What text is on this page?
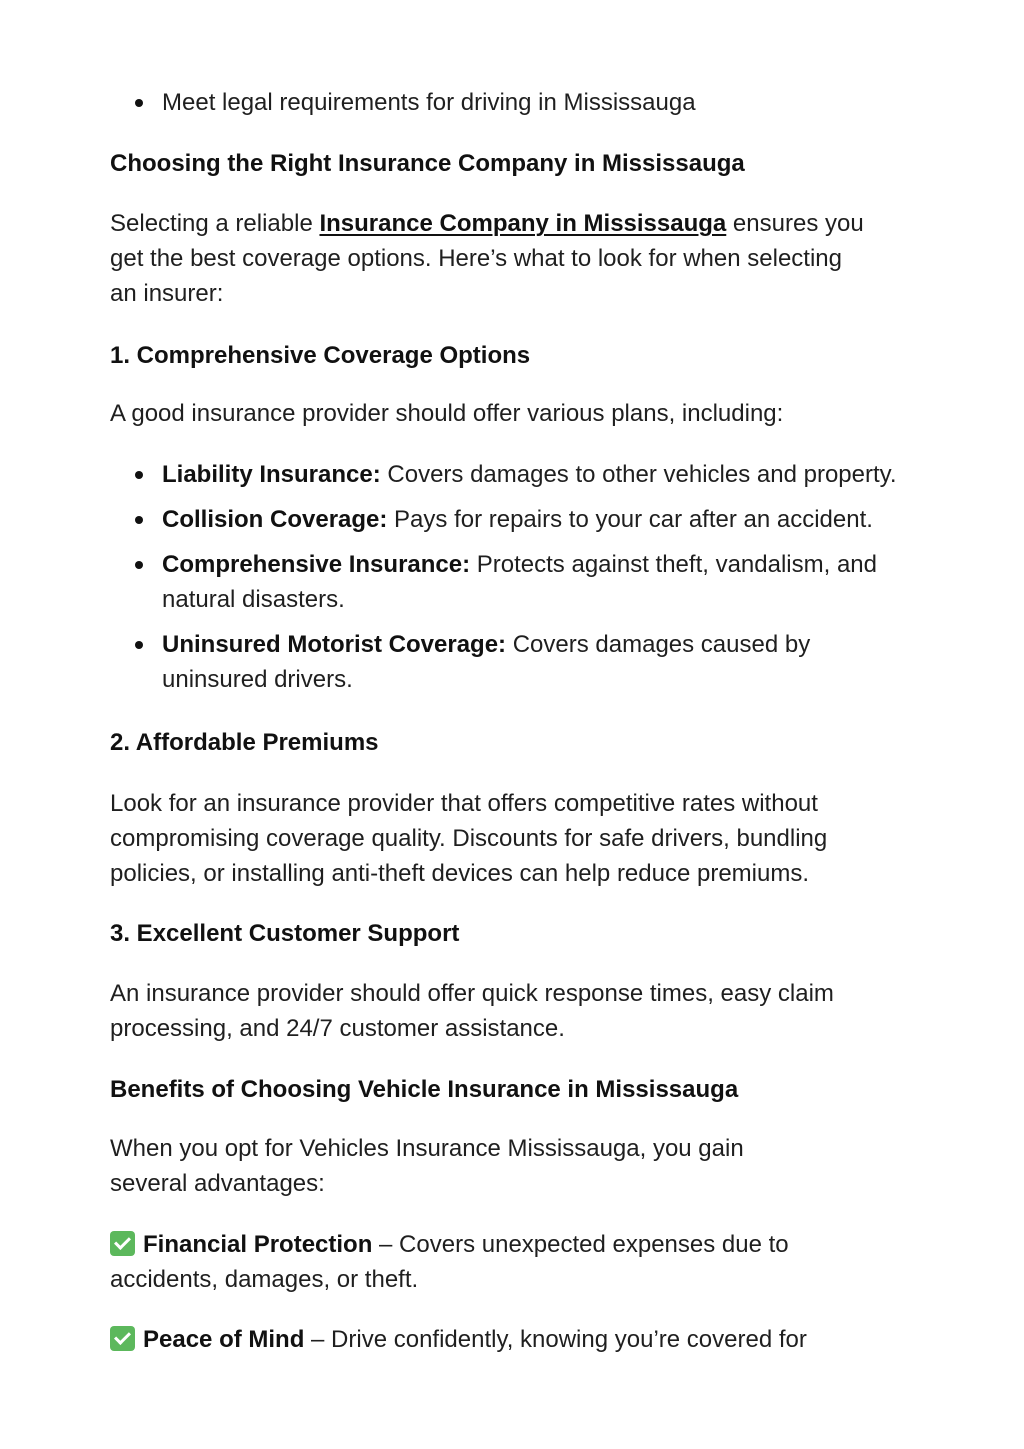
Meet legal requirements for driving in Mississauga
Choosing the Right Insurance Company in Mississauga
Selecting a reliable Insurance Company in Mississauga ensures you
get the best coverage options. Here’s what to look for when selecting
an insurer:
1. Comprehensive Coverage Options
A good insurance provider should offer various plans, including:
Liability Insurance: Covers damages to other vehicles and property.
Collision Coverage: Pays for repairs to your car after an accident.
Comprehensive Insurance: Protects against theft, vandalism, and
natural disasters.
Uninsured Motorist Coverage: Covers damages caused by
uninsured drivers.
2. Affordable Premiums
Look for an insurance provider that offers competitive rates without
compromising coverage quality. Discounts for safe drivers, bundling
policies, or installing anti-theft devices can help reduce premiums.
3. Excellent Customer Support
An insurance provider should offer quick response times, easy claim
processing, and 24/7 customer assistance.
Benefits of Choosing Vehicle Insurance in Mississauga
When you opt for Vehicles Insurance Mississauga, you gain
several advantages:
Financial Protection – Covers unexpected expenses due to
accidents, damages, or theft.
Peace of Mind – Drive confidently, knowing you’re covered for
